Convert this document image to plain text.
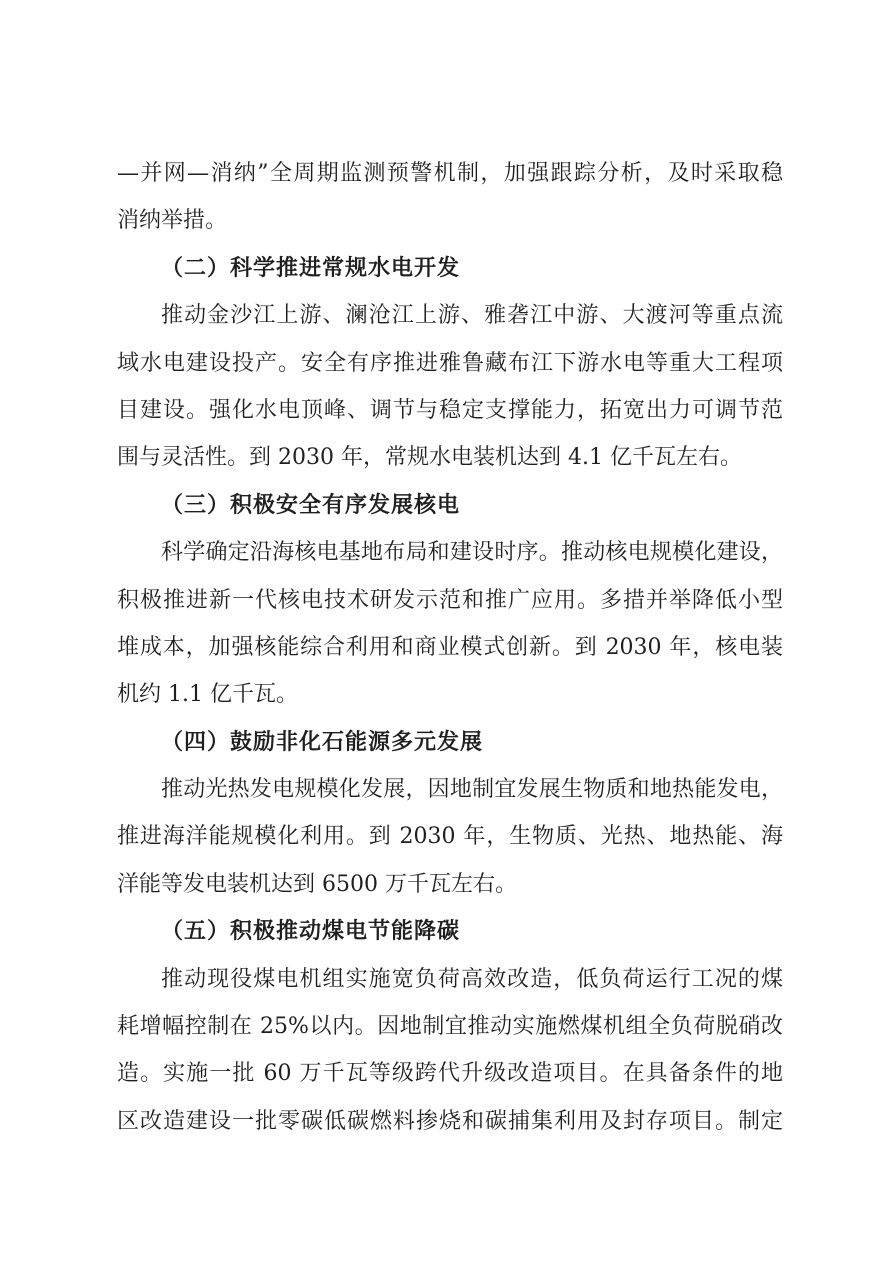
—并网—消纳”全周期监测预警机制，加强跟踪分析，及时采取稳
消纳举措。
（二）科学推进常规水电开发
推动金沙江上游、澜沧江上游、雅砻江中游、大渡河等重点流
域水电建设投产。安全有序推进雅鲁藏布江下游水电等重大工程项
目建设。强化水电顶峰、调节与稳定支撑能力，拓宽出力可调节范
围与灵活性。到 2030 年，常规水电装机达到 4.1 亿千瓦左右。
（三）积极安全有序发展核电
科学确定沿海核电基地布局和建设时序。推动核电规模化建设，
积极推进新一代核电技术研发示范和推广应用。多措并举降低小型
堆成本，加强核能综合利用和商业模式创新。到 2030 年，核电装
机约 1.1 亿千瓦。
（四）鼓励非化石能源多元发展
推动光热发电规模化发展，因地制宜发展生物质和地热能发电，
推进海洋能规模化利用。到 2030 年，生物质、光热、地热能、海
洋能等发电装机达到 6500 万千瓦左右。
（五）积极推动煤电节能降碳
推动现役煤电机组实施宽负荷高效改造，低负荷运行工况的煤
耗增幅控制在 25%以内。因地制宜推动实施燃煤机组全负荷脱硝改
造。实施一批 60 万千瓦等级跨代升级改造项目。在具备条件的地
区改造建设一批零碳低碳燃料掺烧和碳捕集利用及封存项目。制定
